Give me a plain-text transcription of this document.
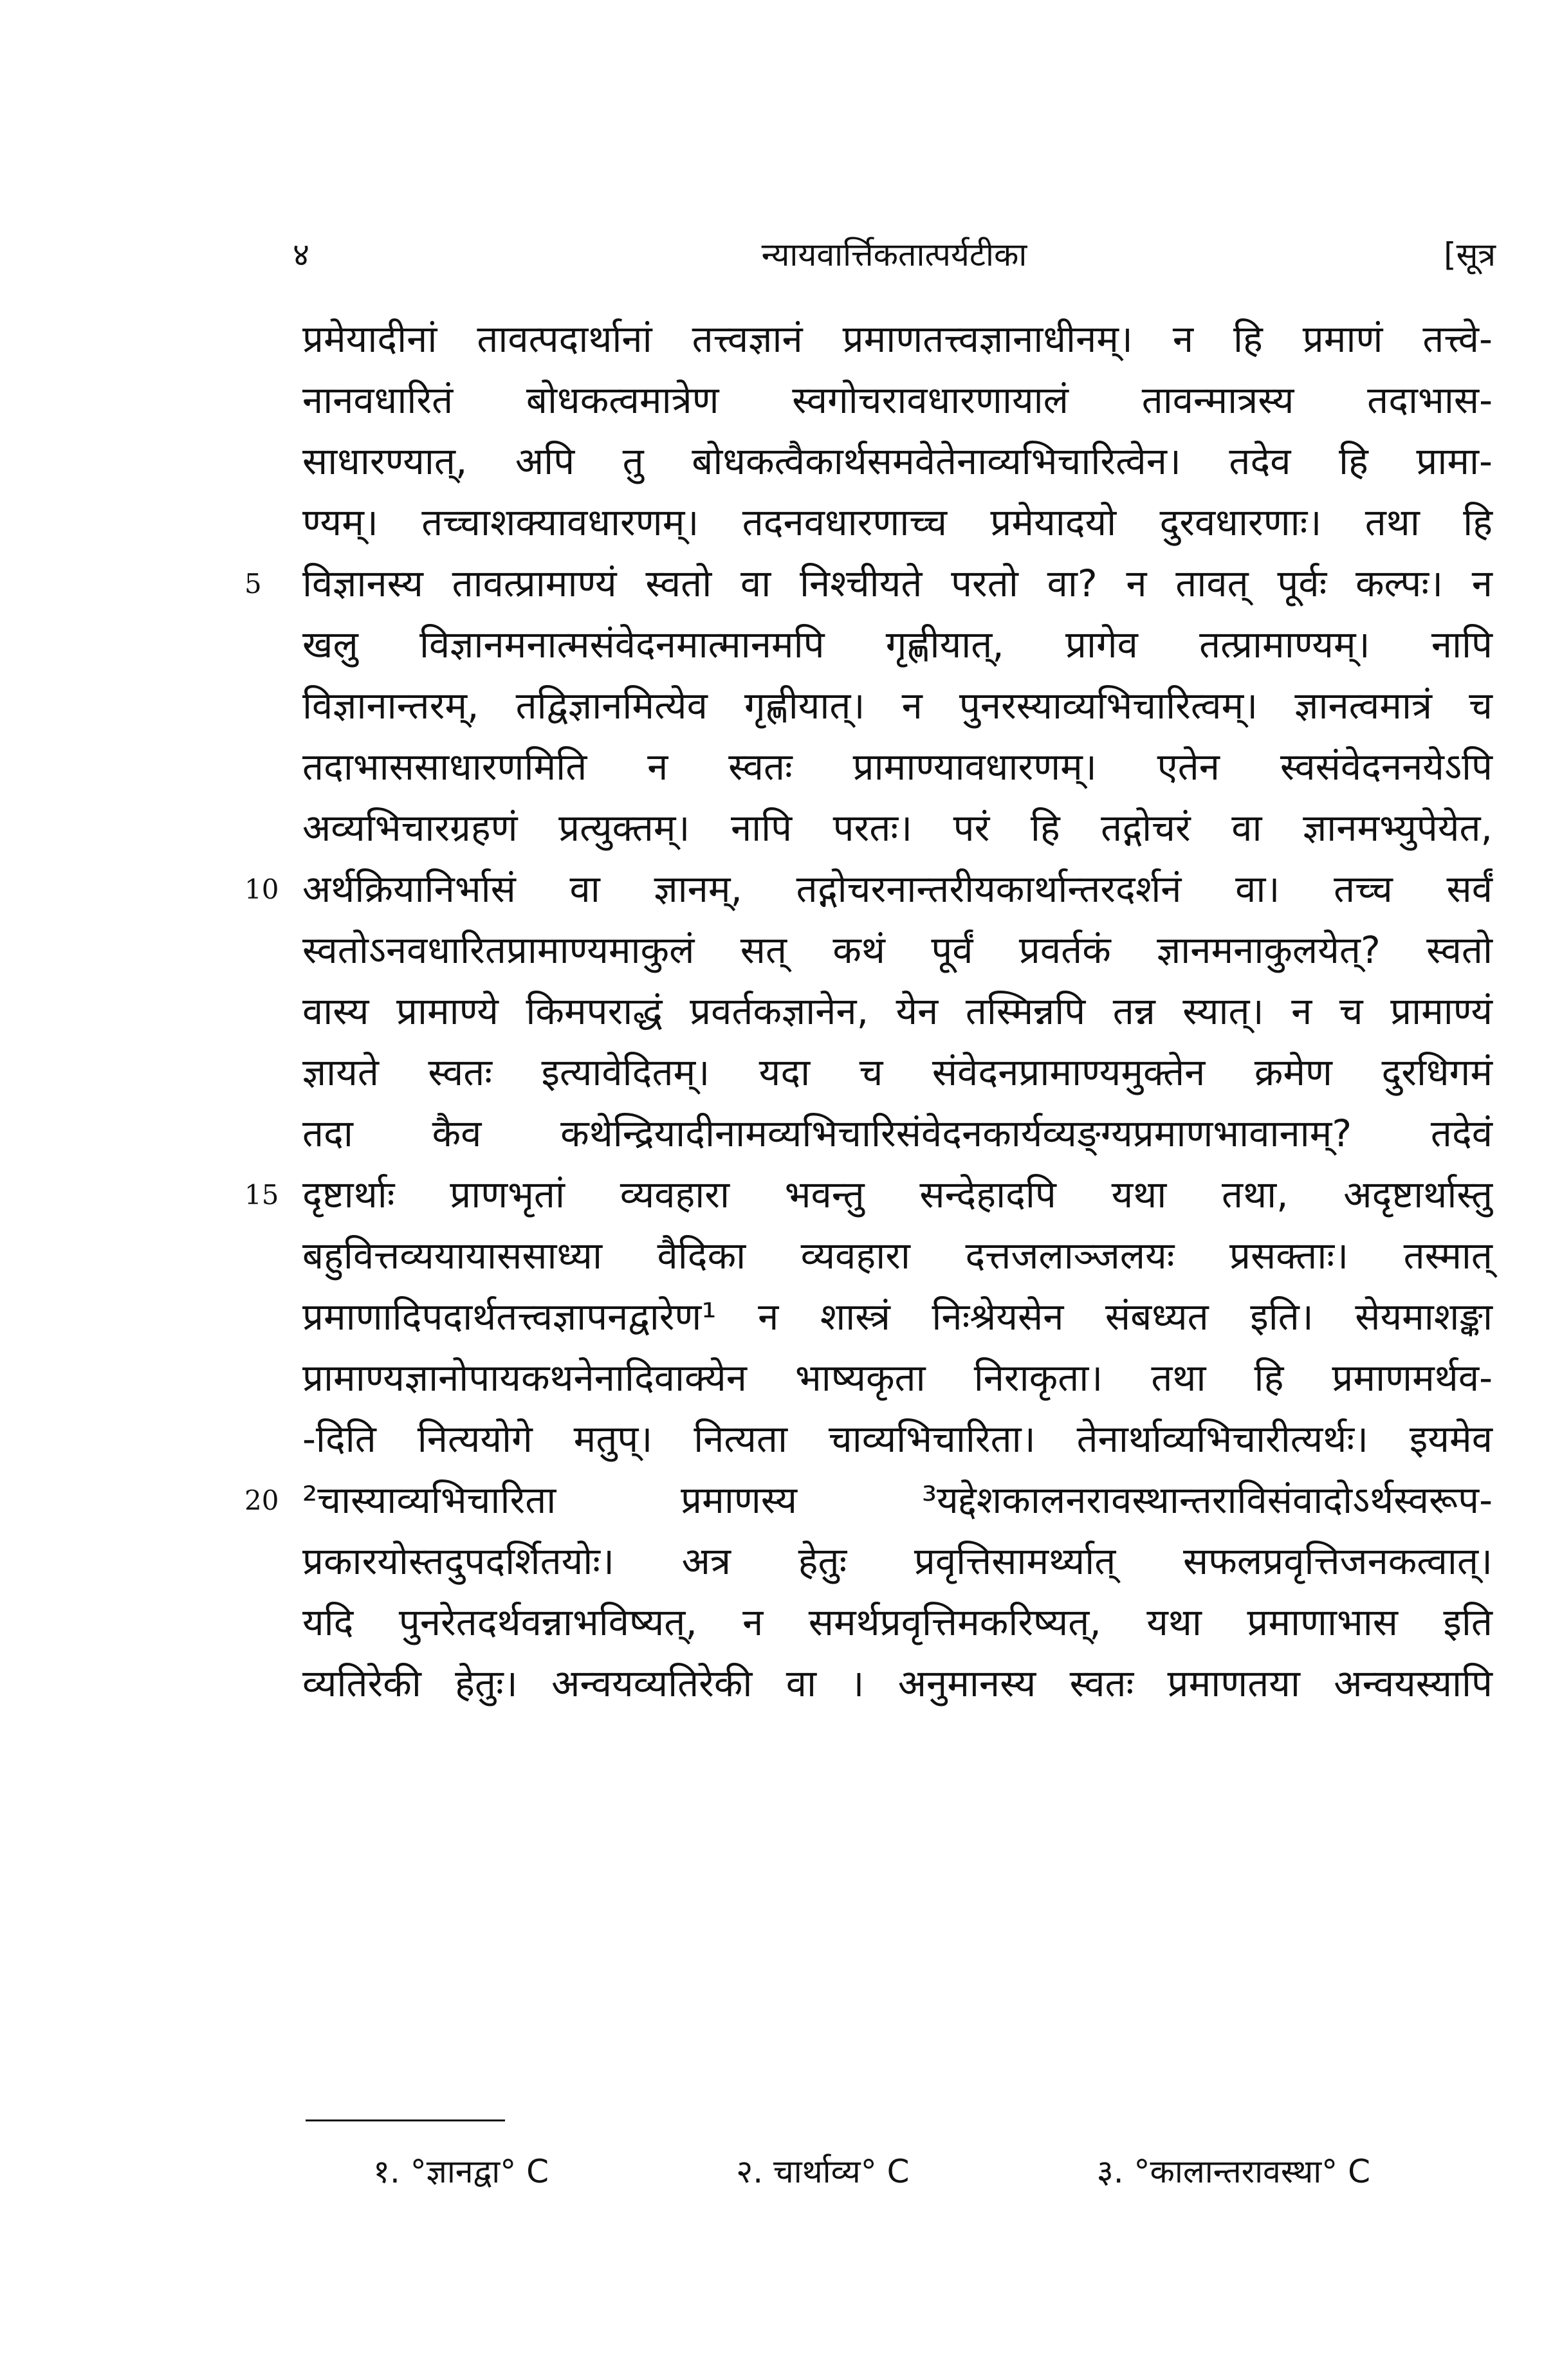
४	न्यायवार्त्तिकतात्पर्यटीका	[सूत्र
प्रमेयादीनां तावत्पदार्थानां तत्त्वज्ञानं प्रमाणतत्त्वज्ञानाधीनम्। न हि प्रमाणं तत्त्वे-
नानवधारितं बोधकत्वमात्रेण स्वगोचरावधारणायालं तावन्मात्रस्य तदाभास-
साधारण्यात्, अपि तु बोधकत्वैकार्थसमवेतेनाव्यभिचारित्वेन। तदेव हि प्रामा-
ण्यम्। तच्चाशक्यावधारणम्। तदनवधारणाच्च प्रमेयादयो दुरवधारणाः। तथा हि
5	विज्ञानस्य तावत्प्रामाण्यं स्वतो वा निश्चीयते परतो वा? न तावत् पूर्वः कल्पः। न
खलु विज्ञानमनात्मसंवेदनमात्मानमपि गृह्णीयात्, प्रागेव तत्प्रामाण्यम्। नापि
विज्ञानान्तरम्, तद्विज्ञानमित्येव गृह्णीयात्। न पुनरस्याव्यभिचारित्वम्। ज्ञानत्वमात्रं च
तदाभाससाधारणमिति न स्वतः प्रामाण्यावधारणम्। एतेन स्वसंवेदननयेऽपि
अव्यभिचारग्रहणं प्रत्युक्तम्। नापि परतः। परं हि तद्गोचरं वा ज्ञानमभ्युपेयेत,
10 अर्थक्रियानिर्भासं वा ज्ञानम्, तद्गोचरनान्तरीयकार्थान्तरदर्शनं वा। तच्च सर्वं
स्वतोऽनवधारितप्रामाण्यमाकुलं सत् कथं पूर्वं प्रवर्तकं ज्ञानमनाकुलयेत्? स्वतो
वास्य प्रामाण्ये किमपराद्धं प्रवर्तकज्ञानेन, येन तस्मिन्नपि तन्न स्यात्। न च प्रामाण्यं
ज्ञायते स्वतः इत्यावेदितम्। यदा च संवेदनप्रामाण्यमुक्तेन क्रमेण दुरधिगमं
तदा कैव कथेन्द्रियादीनामव्यभिचारिसंवेदनकार्यव्यङ्ग्यप्रमाणभावानाम्? तदेवं
15 दृष्टार्थाः प्राणभृतां व्यवहारा भवन्तु सन्देहादपि यथा तथा, अदृष्टार्थास्तु
बहुवित्तव्ययायाससाध्या वैदिका व्यवहारा दत्तजलाञ्जलयः प्रसक्ताः। तस्मात्
प्रमाणादिपदार्थतत्त्वज्ञापनद्वारेण¹ न शास्त्रं निःश्रेयसेन संबध्यत इति। सेयमाशङ्का
प्रामाण्यज्ञानोपायकथनेनादिवाक्येन भाष्यकृता निराकृता। तथा हि प्रमाणमर्थव-
-दिति नित्ययोगे मतुप्। नित्यता चाव्यभिचारिता। तेनार्थाव्यभिचारीत्यर्थः। इयमेव
20 ²चास्याव्यभिचारिता प्रमाणस्य ³यद्देशकालनरावस्थान्तराविसंवादोऽर्थस्वरूप-
प्रकारयोस्तदुपदर्शितयोः। अत्र हेतुः प्रवृत्तिसामर्थ्यात् सफलप्रवृत्तिजनकत्वात्।
यदि पुनरेतदर्थवन्नाभविष्यत्, न समर्थप्रवृत्तिमकरिष्यत्, यथा प्रमाणाभास इति
व्यतिरेकी हेतुः। अन्वयव्यतिरेकी वा । अनुमानस्य स्वतः प्रमाणतया अन्वयस्यापि
१. °ज्ञानद्वा° C	२. चार्थाव्य° C	३. °कालान्तरावस्था° C
